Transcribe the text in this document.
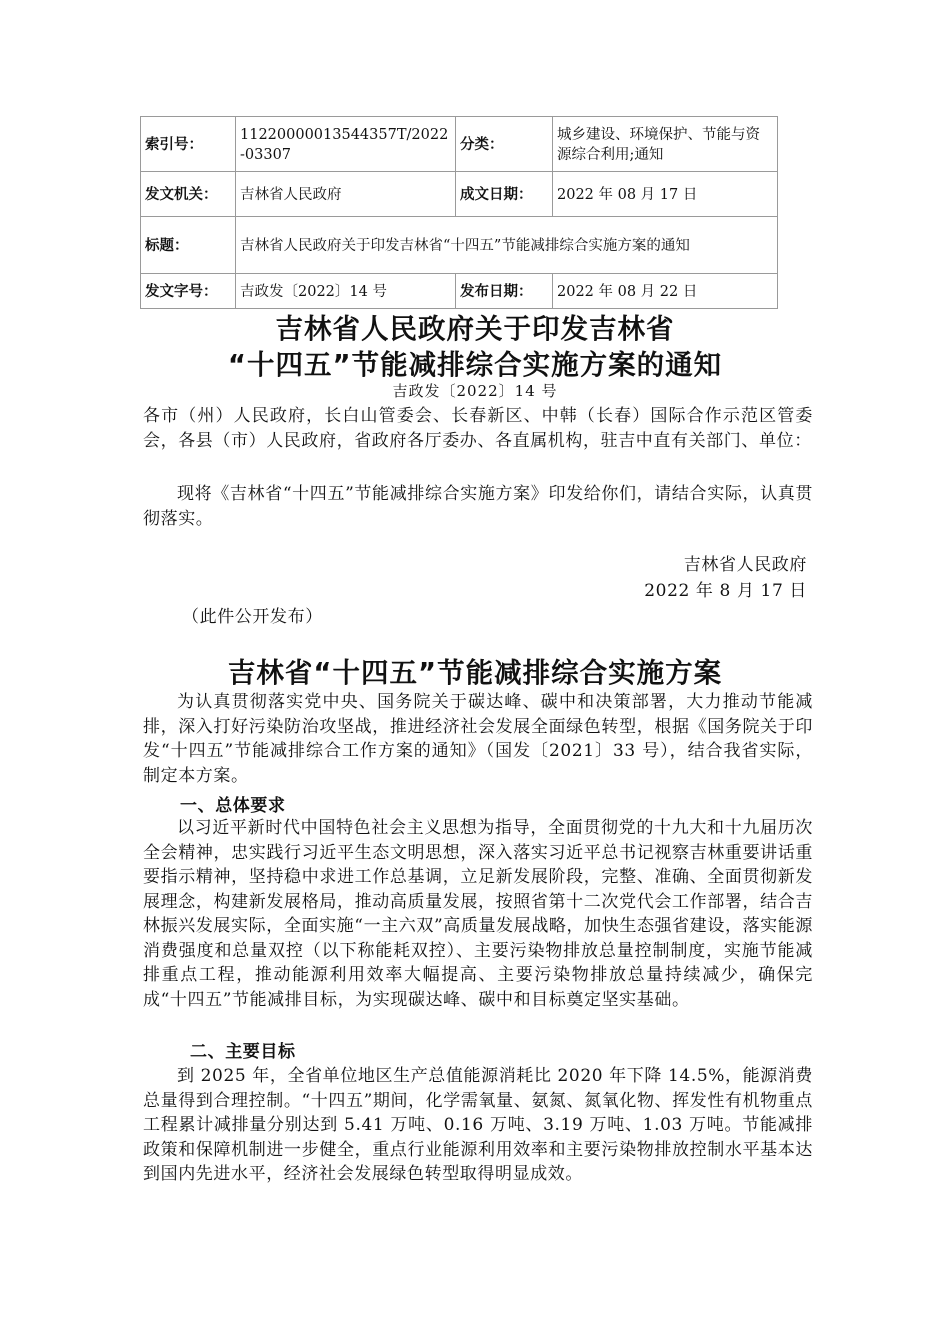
索引号：	11220000013544357T/2022-03307	分类：	城乡建设、环境保护、节能与资源综合利用;通知
发文机关：	吉林省人民政府	成文日期：	2022 年 08 月 17 日
标题：	吉林省人民政府关于印发吉林省“十四五”节能减排综合实施方案的通知		
发文字号：	吉政发〔2022〕14 号	发布日期：	2022 年 08 月 22 日
吉林省人民政府关于印发吉林省
“十四五”节能减排综合实施方案的通知
吉政发〔2022〕14 号
各市（州）人民政府，长白山管委会、长春新区、中韩（长春）国际合作示范区管委会，各县（市）人民政府，省政府各厅委办、各直属机构，驻吉中直有关部门、单位：
现将《吉林省“十四五”节能减排综合实施方案》印发给你们，请结合实际，认真贯彻落实。
吉林省人民政府
2022 年 8 月 17 日
（此件公开发布）
吉林省“十四五”节能减排综合实施方案
为认真贯彻落实党中央、国务院关于碳达峰、碳中和决策部署，大力推动节能减排，深入打好污染防治攻坚战，推进经济社会发展全面绿色转型，根据《国务院关于印发“十四五”节能减排综合工作方案的通知》（国发〔2021〕33 号），结合我省实际，制定本方案。
一、总体要求
以习近平新时代中国特色社会主义思想为指导，全面贯彻党的十九大和十九届历次全会精神，忠实践行习近平生态文明思想，深入落实习近平总书记视察吉林重要讲话重要指示精神，坚持稳中求进工作总基调，立足新发展阶段，完整、准确、全面贯彻新发展理念，构建新发展格局，推动高质量发展，按照省第十二次党代会工作部署，结合吉林振兴发展实际，全面实施“一主六双”高质量发展战略，加快生态强省建设，落实能源消费强度和总量双控（以下称能耗双控）、主要污染物排放总量控制制度，实施节能减排重点工程，推动能源利用效率大幅提高、主要污染物排放总量持续减少，确保完成“十四五”节能减排目标，为实现碳达峰、碳中和目标奠定坚实基础。
二、主要目标
到 2025 年，全省单位地区生产总值能源消耗比 2020 年下降 14.5%，能源消费总量得到合理控制。“十四五”期间，化学需氧量、氨氮、氮氧化物、挥发性有机物重点工程累计减排量分别达到 5.41 万吨、0.16 万吨、3.19 万吨、1.03 万吨。节能减排政策和保障机制进一步健全，重点行业能源利用效率和主要污染物排放控制水平基本达到国内先进水平，经济社会发展绿色转型取得明显成效。
